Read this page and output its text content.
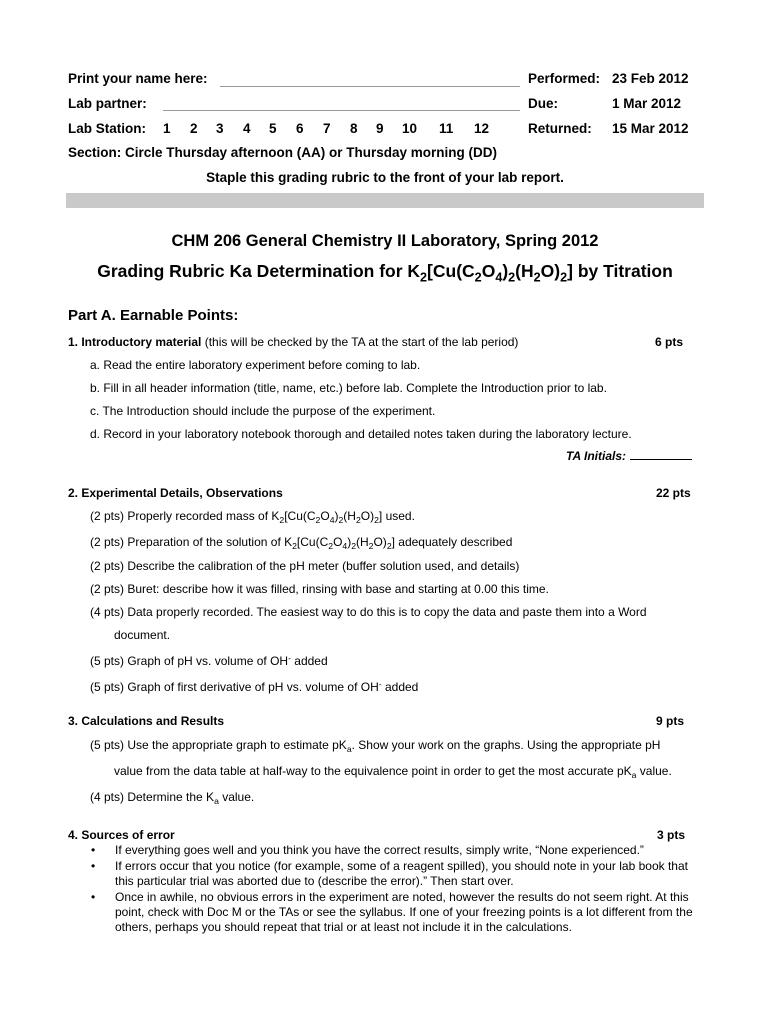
Print your name here:
Lab partner:
Lab Station: 1 2 3 4 5 6 7 8 9 10 11 12
Performed: 23 Feb 2012
Due:	1 Mar 2012
Returned: 15 Mar 2012
Section: Circle Thursday afternoon (AA) or Thursday morning (DD)
Staple this grading rubric to the front of your lab report.
CHM 206 General Chemistry II Laboratory, Spring 2012
Grading Rubric Ka Determination for $K_2[Cu(C_2O_4)_2(H_2O)_2]$ by Titration
Part A. Earnable Points:
1. Introductory material (this will be checked by the TA at the start of the lab period)	6 pts
a. Read the entire laboratory experiment before coming to lab.
b. Fill in all header information (title, name, etc.) before lab. Complete the Introduction prior to lab.
c. The Introduction should include the purpose of the experiment.
d. Record in your laboratory notebook thorough and detailed notes taken during the laboratory lecture.
TA Initials:
2. Experimental Details, Observations	22 pts
(2 pts) Properly recorded mass of $K_2[Cu(C_2O_4)_2(H_2O)_2]$ used.
(2 pts) Preparation of the solution of $K_2[Cu(C_2O_4)_2(H_2O)_2]$ adequately described
(2 pts) Describe the calibration of the pH meter (buffer solution used, and details)
(2 pts) Buret: describe how it was filled, rinsing with base and starting at 0.00 this time.
(4 pts) Data properly recorded. The easiest way to do this is to copy the data and paste them into a Word
document.
(5 pts) Graph of pH vs. volume of OH- added
(5 pts) Graph of first derivative of pH vs. volume of OH- added
3. Calculations and Results	9 pts
(5 pts) Use the appropriate graph to estimate $pK_a$. Show your work on the graphs. Using the appropriate pH
value from the data table at half-way to the equivalence point in order to get the most accurate $pK_a$ value.
(4 pts) Determine the $K_a$ value.
4. Sources of error	3 pts
• If everything goes well and you think you have the correct results, simply write, “None experienced.”
• If errors occur that you notice (for example, some of a reagent spilled), you should note in your lab book that this particular trial was aborted due to (describe the error).” Then start over.
• Once in awhile, no obvious errors in the experiment are noted, however the results do not seem right. At this point, check with Doc M or the TAs or see the syllabus. If one of your freezing points is a lot different from the others, perhaps you should repeat that trial or at least not include it in the calculations.
